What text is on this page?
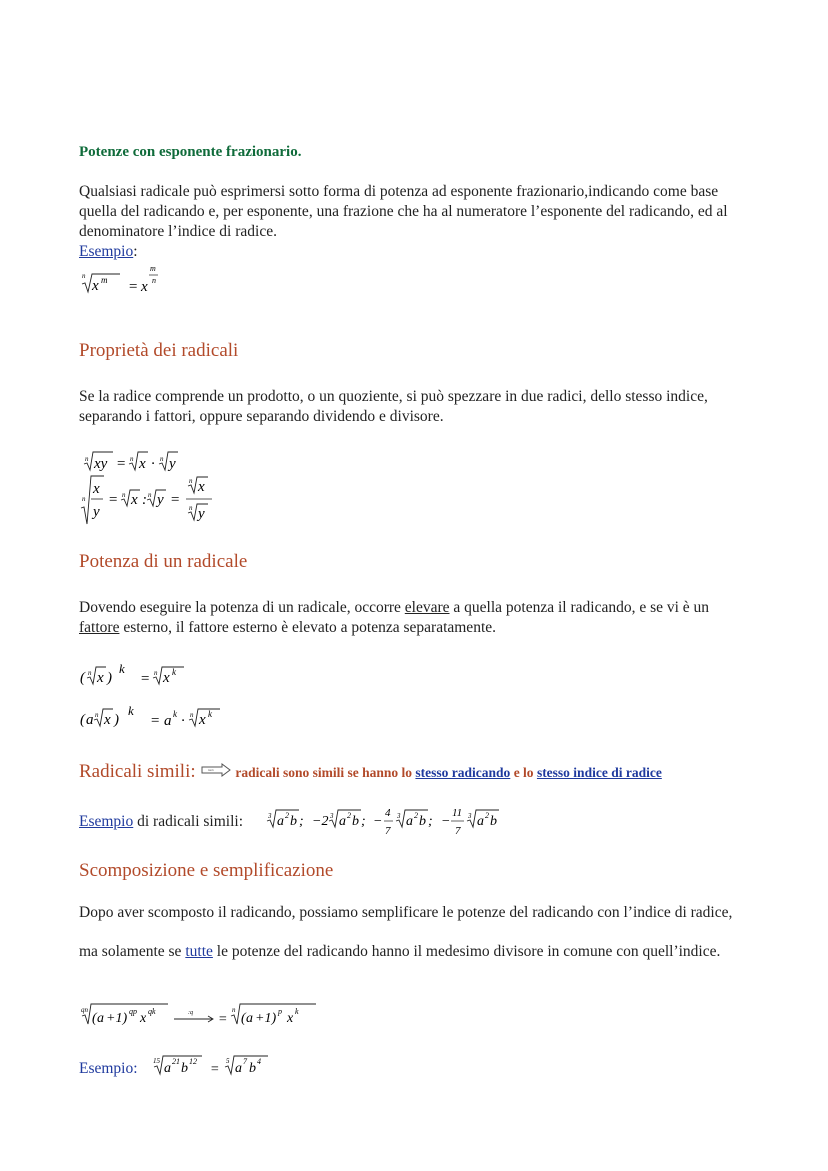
Potenze con esponente frazionario.
Qualsiasi radicale può esprimersi sotto forma di potenza ad esponente frazionario,indicando come base quella del radicando e, per esponente, una frazione che ha al numeratore l’esponente del radicando, ed al denominatore l’indice di radice.
Esempio:
n
x m = x
m
n
Proprietà dei radicali
Se la radice comprende un prodotto, o un quoziente, si può spezzare in due radici, dello stesso indice, separando i fattori, oppure separando dividendo e divisore.
n xy = n x · n y
n
x
y
= n x : n y =
n x
n y
Potenza di un radicale
Dovendo eseguire la potenza di un radicale, occorre elevare a quella potenza il radicando, e se vi è un fattore esterno, il fattore esterno è elevato a potenza separatamente.
( n x )
k
= n x k
( a n x )
k
= a k · n x k
Radicali simili: ⁿᵘᵐ radicali sono simili se hanno lo stesso radicando e lo stesso indice di radice
Esempio di radicali simili:	3 a 2 b ; −2 3 a 2 b ; −
4
7
3 a 2 b ; −
11
7
3 a 2 b
Scomposizione e semplificazione
Dopo aver scomposto il radicando, possiamo semplificare le potenze del radicando con l’indice di radice,
ma solamente se tutte le potenze del radicando hanno il medesimo divisore in comune con quell’indice.
qn
( a +1) qp x qk	:q =
n
( a +1) p x k
Esempio:	15 a 21 b 12
=
5 a 7 b 4
